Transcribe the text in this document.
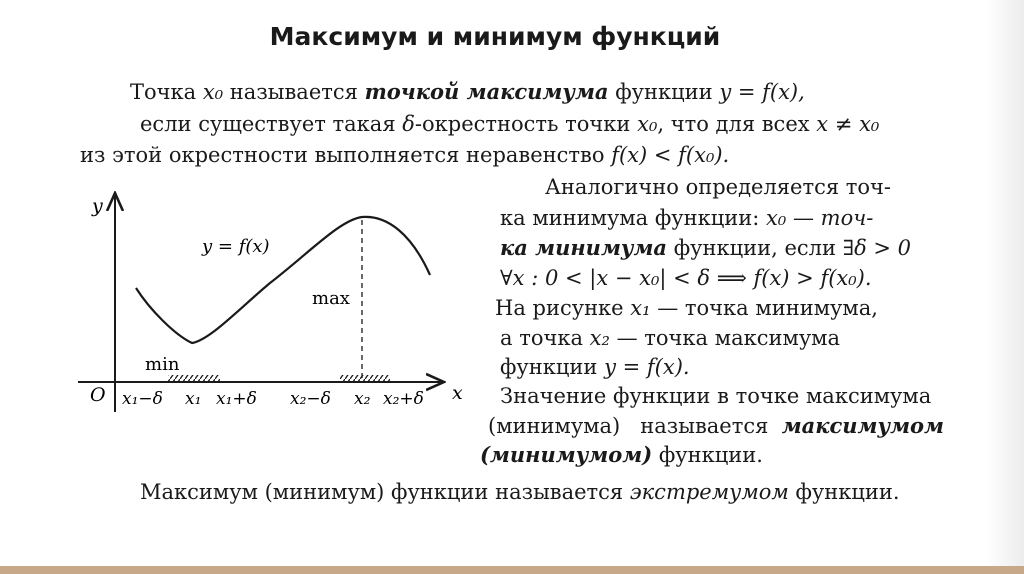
Максимум и минимум функций
Точка x₀ называется точкой максимума функции y = f(x),
если существует такая δ-окрестность точки x₀, что для всех x ≠ x₀
из этой окрестности выполняется неравенство f(x) < f(x₀).
y
x
O
y = f(x)
max
min
x₁−δ x₁ x₁+δ x₂−δ x₂ x₂+δ
Аналогично определяется точ-
ка минимума функции: x₀ — точ-
ка минимума функции, если ∃δ > 0
∀x : 0 < |x − x₀| < δ ⟹ f(x) > f(x₀).
На рисунке x₁ — точка минимума,
а точка x₂ — точка максимума
функции y = f(x).
Значение функции в точке максимума
(минимума)   называется  максимумом
(минимумом) функции.
Максимум (минимум) функции называется экстремумом функции.
